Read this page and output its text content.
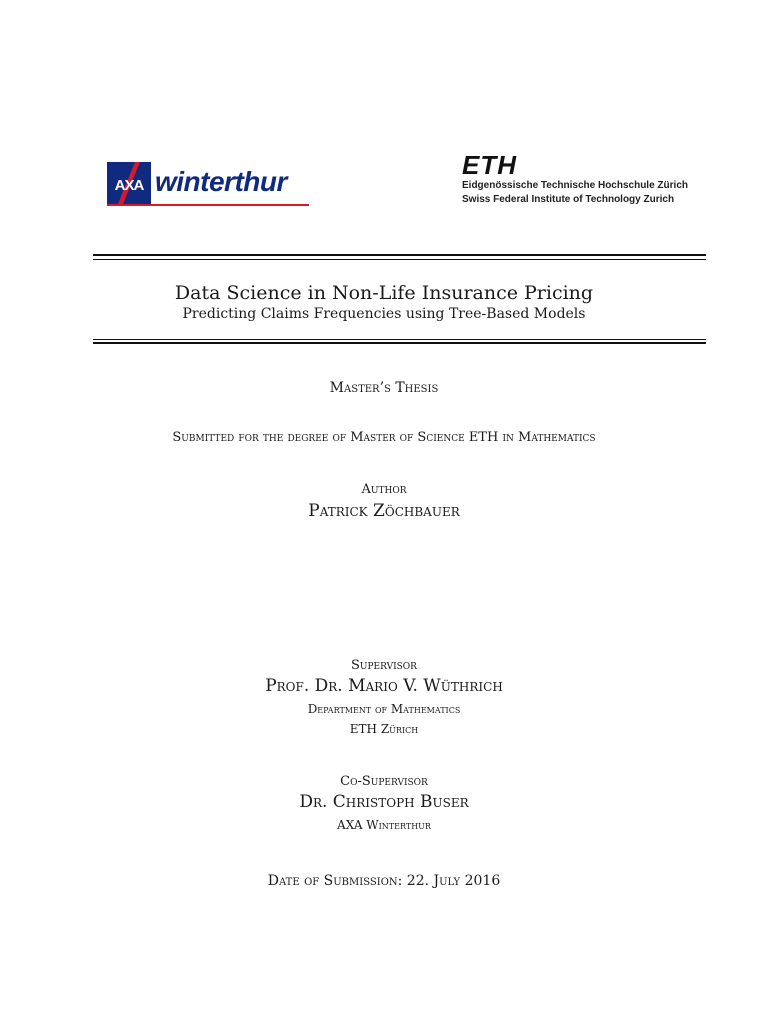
AXA winterthur
ETH
Eidgenössische Technische Hochschule Zürich
Swiss Federal Institute of Technology Zurich
Data Science in Non-Life Insurance Pricing
Predicting Claims Frequencies using Tree-Based Models
Master’s Thesis
Submitted for the degree of Master of Science ETH in Mathematics
Author
Patrick Zöchbauer
Supervisor
Prof. Dr. Mario V. Wüthrich
Department of Mathematics
ETH Zürich
Co-Supervisor
Dr. Christoph Buser
AXA Winterthur
Date of Submission: 22. July 2016
